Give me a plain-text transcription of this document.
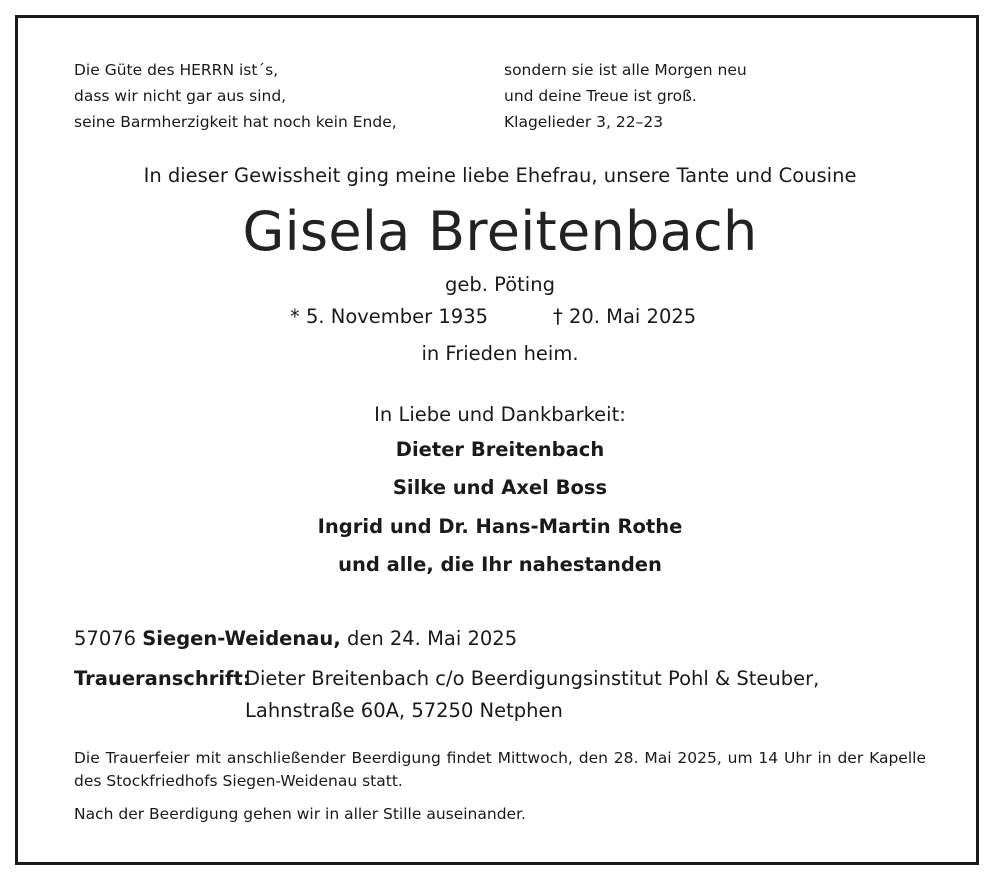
Die Güte des HERRN ist´s,
dass wir nicht gar aus sind,
seine Barmherzigkeit hat noch kein Ende,
sondern sie ist alle Morgen neu
und deine Treue ist groß.
Klagelieder 3, 22–23
In dieser Gewissheit ging meine liebe Ehefrau, unsere Tante und Cousine
Gisela Breitenbach
geb. Pöting
* 5. November 1935	† 20. Mai 2025
in Frieden heim.
In Liebe und Dankbarkeit:
Dieter Breitenbach
Silke und Axel Boss
Ingrid und Dr. Hans-Martin Rothe
und alle, die Ihr nahestanden
57076 Siegen-Weidenau, den 24. Mai 2025
Traueranschrift:
Dieter Breitenbach c/o Beerdigungsinstitut Pohl & Steuber,
Lahnstraße 60A, 57250 Netphen
Die Trauerfeier mit anschließender Beerdigung findet Mittwoch, den 28. Mai 2025, um 14 Uhr in der Kapelle des Stockfriedhofs Siegen-Weidenau statt.
Nach der Beerdigung gehen wir in aller Stille auseinander.
